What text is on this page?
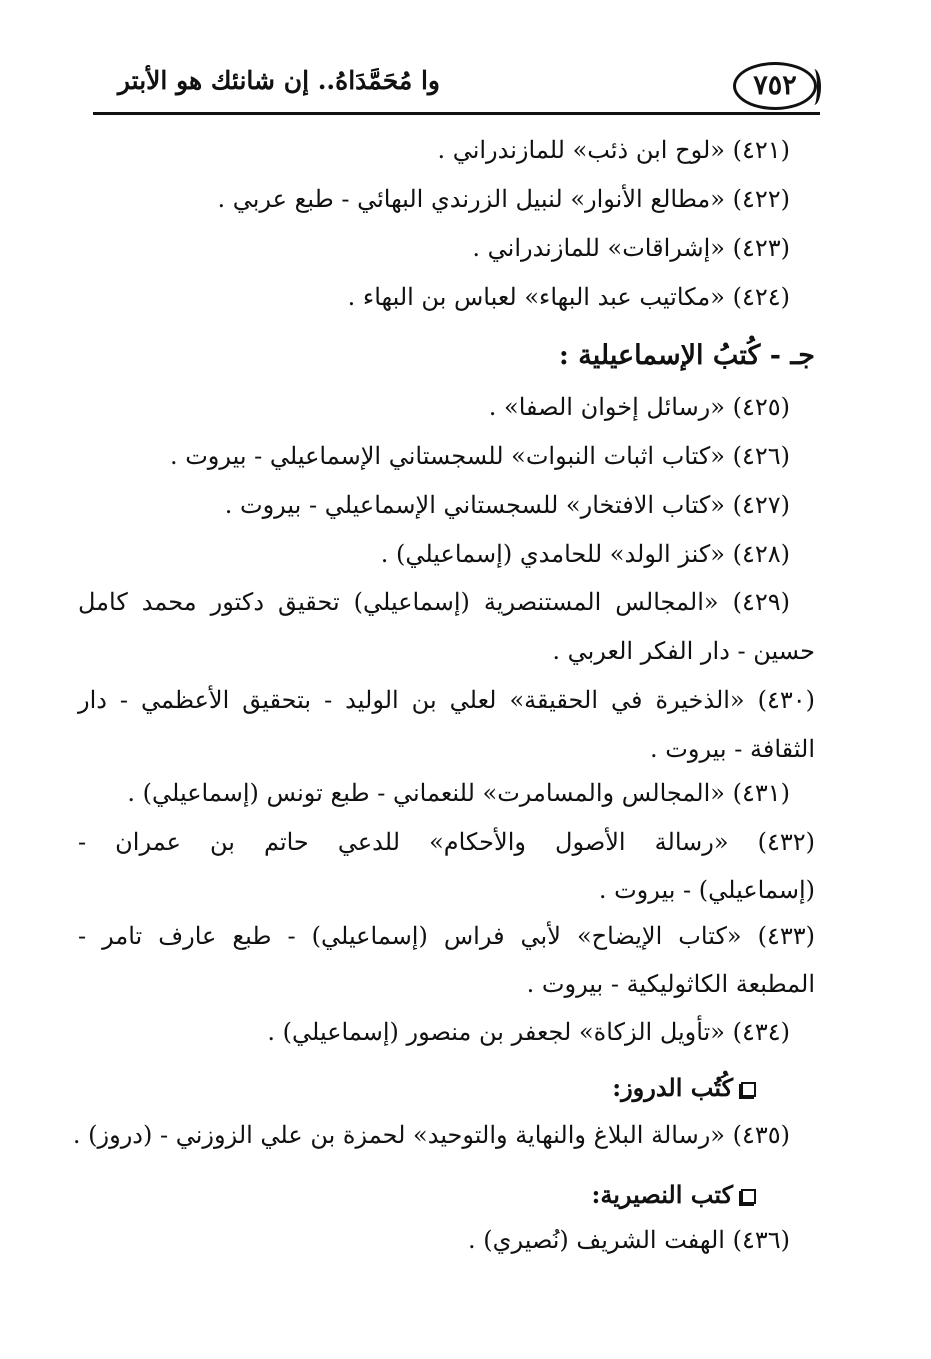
وا مُحَمَّدَاهُ.. إن شانئك هو الأبتر	٧٥٢
(٤٢١) «لوح ابن ذئب» للمازندراني .
(٤٢٢) «مطالع الأنوار» لنبيل الزرندي البهائي - طبع عربي .
(٤٢٣) «إشراقات» للمازندراني .
(٤٢٤) «مكاتيب عبد البهاء» لعباس بن البهاء .
جـ - كُتبُ الإسماعيلية :
(٤٢٥) «رسائل إخوان الصفا» .
(٤٢٦) «كتاب اثبات النبوات» للسجستاني الإسماعيلي - بيروت .
(٤٢٧) «كتاب الافتخار» للسجستاني الإسماعيلي - بيروت .
(٤٢٨) «كنز الولد» للحامدي (إسماعيلي) .
(٤٢٩) «المجالس المستنصرية (إسماعيلي) تحقيق دكتور محمد كامل
حسين - دار الفكر العربي .
(٤٣٠) «الذخيرة في الحقيقة» لعلي بن الوليد - بتحقيق الأعظمي - دار
الثقافة - بيروت .
(٤٣١) «المجالس والمسامرت» للنعماني - طبع تونس (إسماعيلي) .
(٤٣٢) «رسالة الأصول والأحكام» للدعي حاتم بن عمران -
(إسماعيلي) - بيروت .
(٤٣٣) «كتاب الإيضاح» لأبي فراس (إسماعيلي) - طبع عارف تامر -
المطبعة الكاثوليكية - بيروت .
(٤٣٤) «تأويل الزكاة» لجعفر بن منصور (إسماعيلي) .
كُتُب الدروز:
(٤٣٥) «رسالة البلاغ والنهاية والتوحيد» لحمزة بن علي الزوزني - (دروز) .
كتب النصيرية:
(٤٣٦) الهفت الشريف (نُصيري) .
